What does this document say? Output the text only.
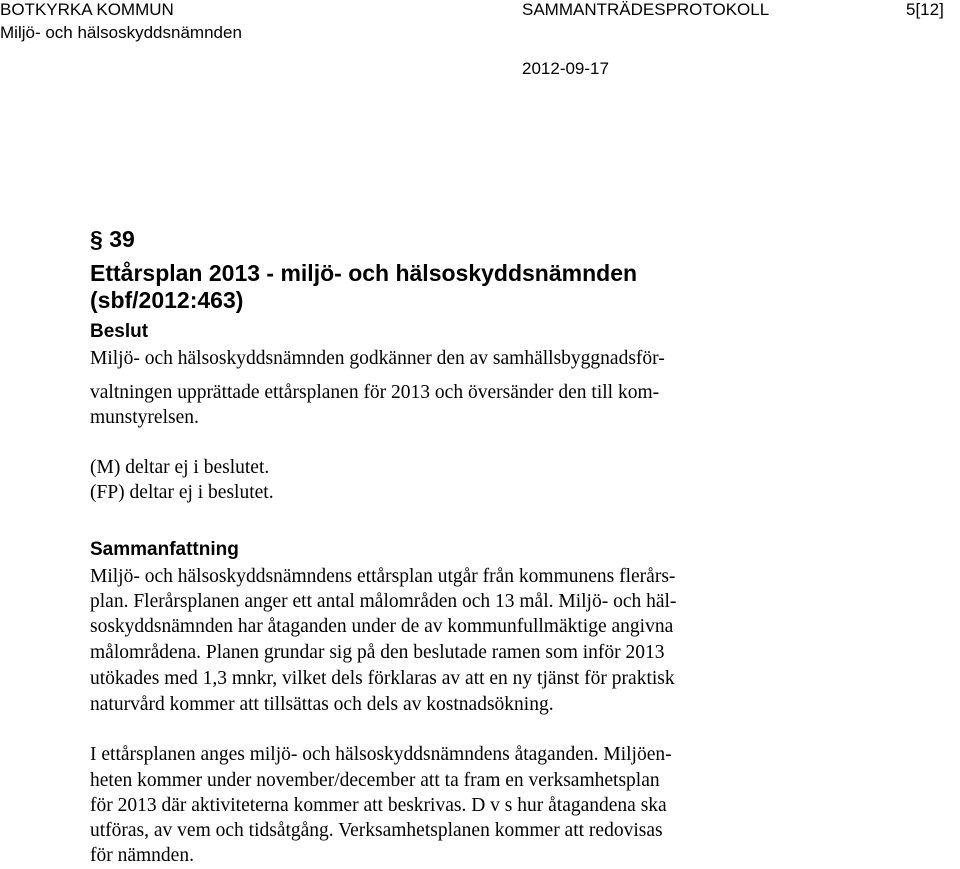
BOTKYRKA KOMMUN
Miljö- och hälsoskyddsnämnden
SAMMANTRÄDESPROTOKOLL	5[12]
2012-09-17
§ 39
Ettårsplan 2013 - miljö- och hälsoskyddsnämnden
(sbf/2012:463)
Beslut
Miljö- och hälsoskyddsnämnden godkänner den av samhällsbyggnadsför-
valtningen upprättade ettårsplanen för 2013 och översänder den till kom-
munstyrelsen.
(M) deltar ej i beslutet.
(FP) deltar ej i beslutet.
Sammanfattning
Miljö- och hälsoskyddsnämndens ettårsplan utgår från kommunens flerårs-
plan. Flerårsplanen anger ett antal målområden och 13 mål. Miljö- och häl-
soskyddsnämnden har åtaganden under de av kommunfullmäktige angivna
målområdena. Planen grundar sig på den beslutade ramen som inför 2013
utökades med 1,3 mnkr, vilket dels förklaras av att en ny tjänst för praktisk
naturvård kommer att tillsättas och dels av kostnadsökning.
I ettårsplanen anges miljö- och hälsoskyddsnämndens åtaganden. Miljöen-
heten kommer under november/december att ta fram en verksamhetsplan
för 2013 där aktiviteterna kommer att beskrivas. D v s hur åtagandena ska
utföras, av vem och tidsåtgång. Verksamhetsplanen kommer att redovisas
för nämnden.
